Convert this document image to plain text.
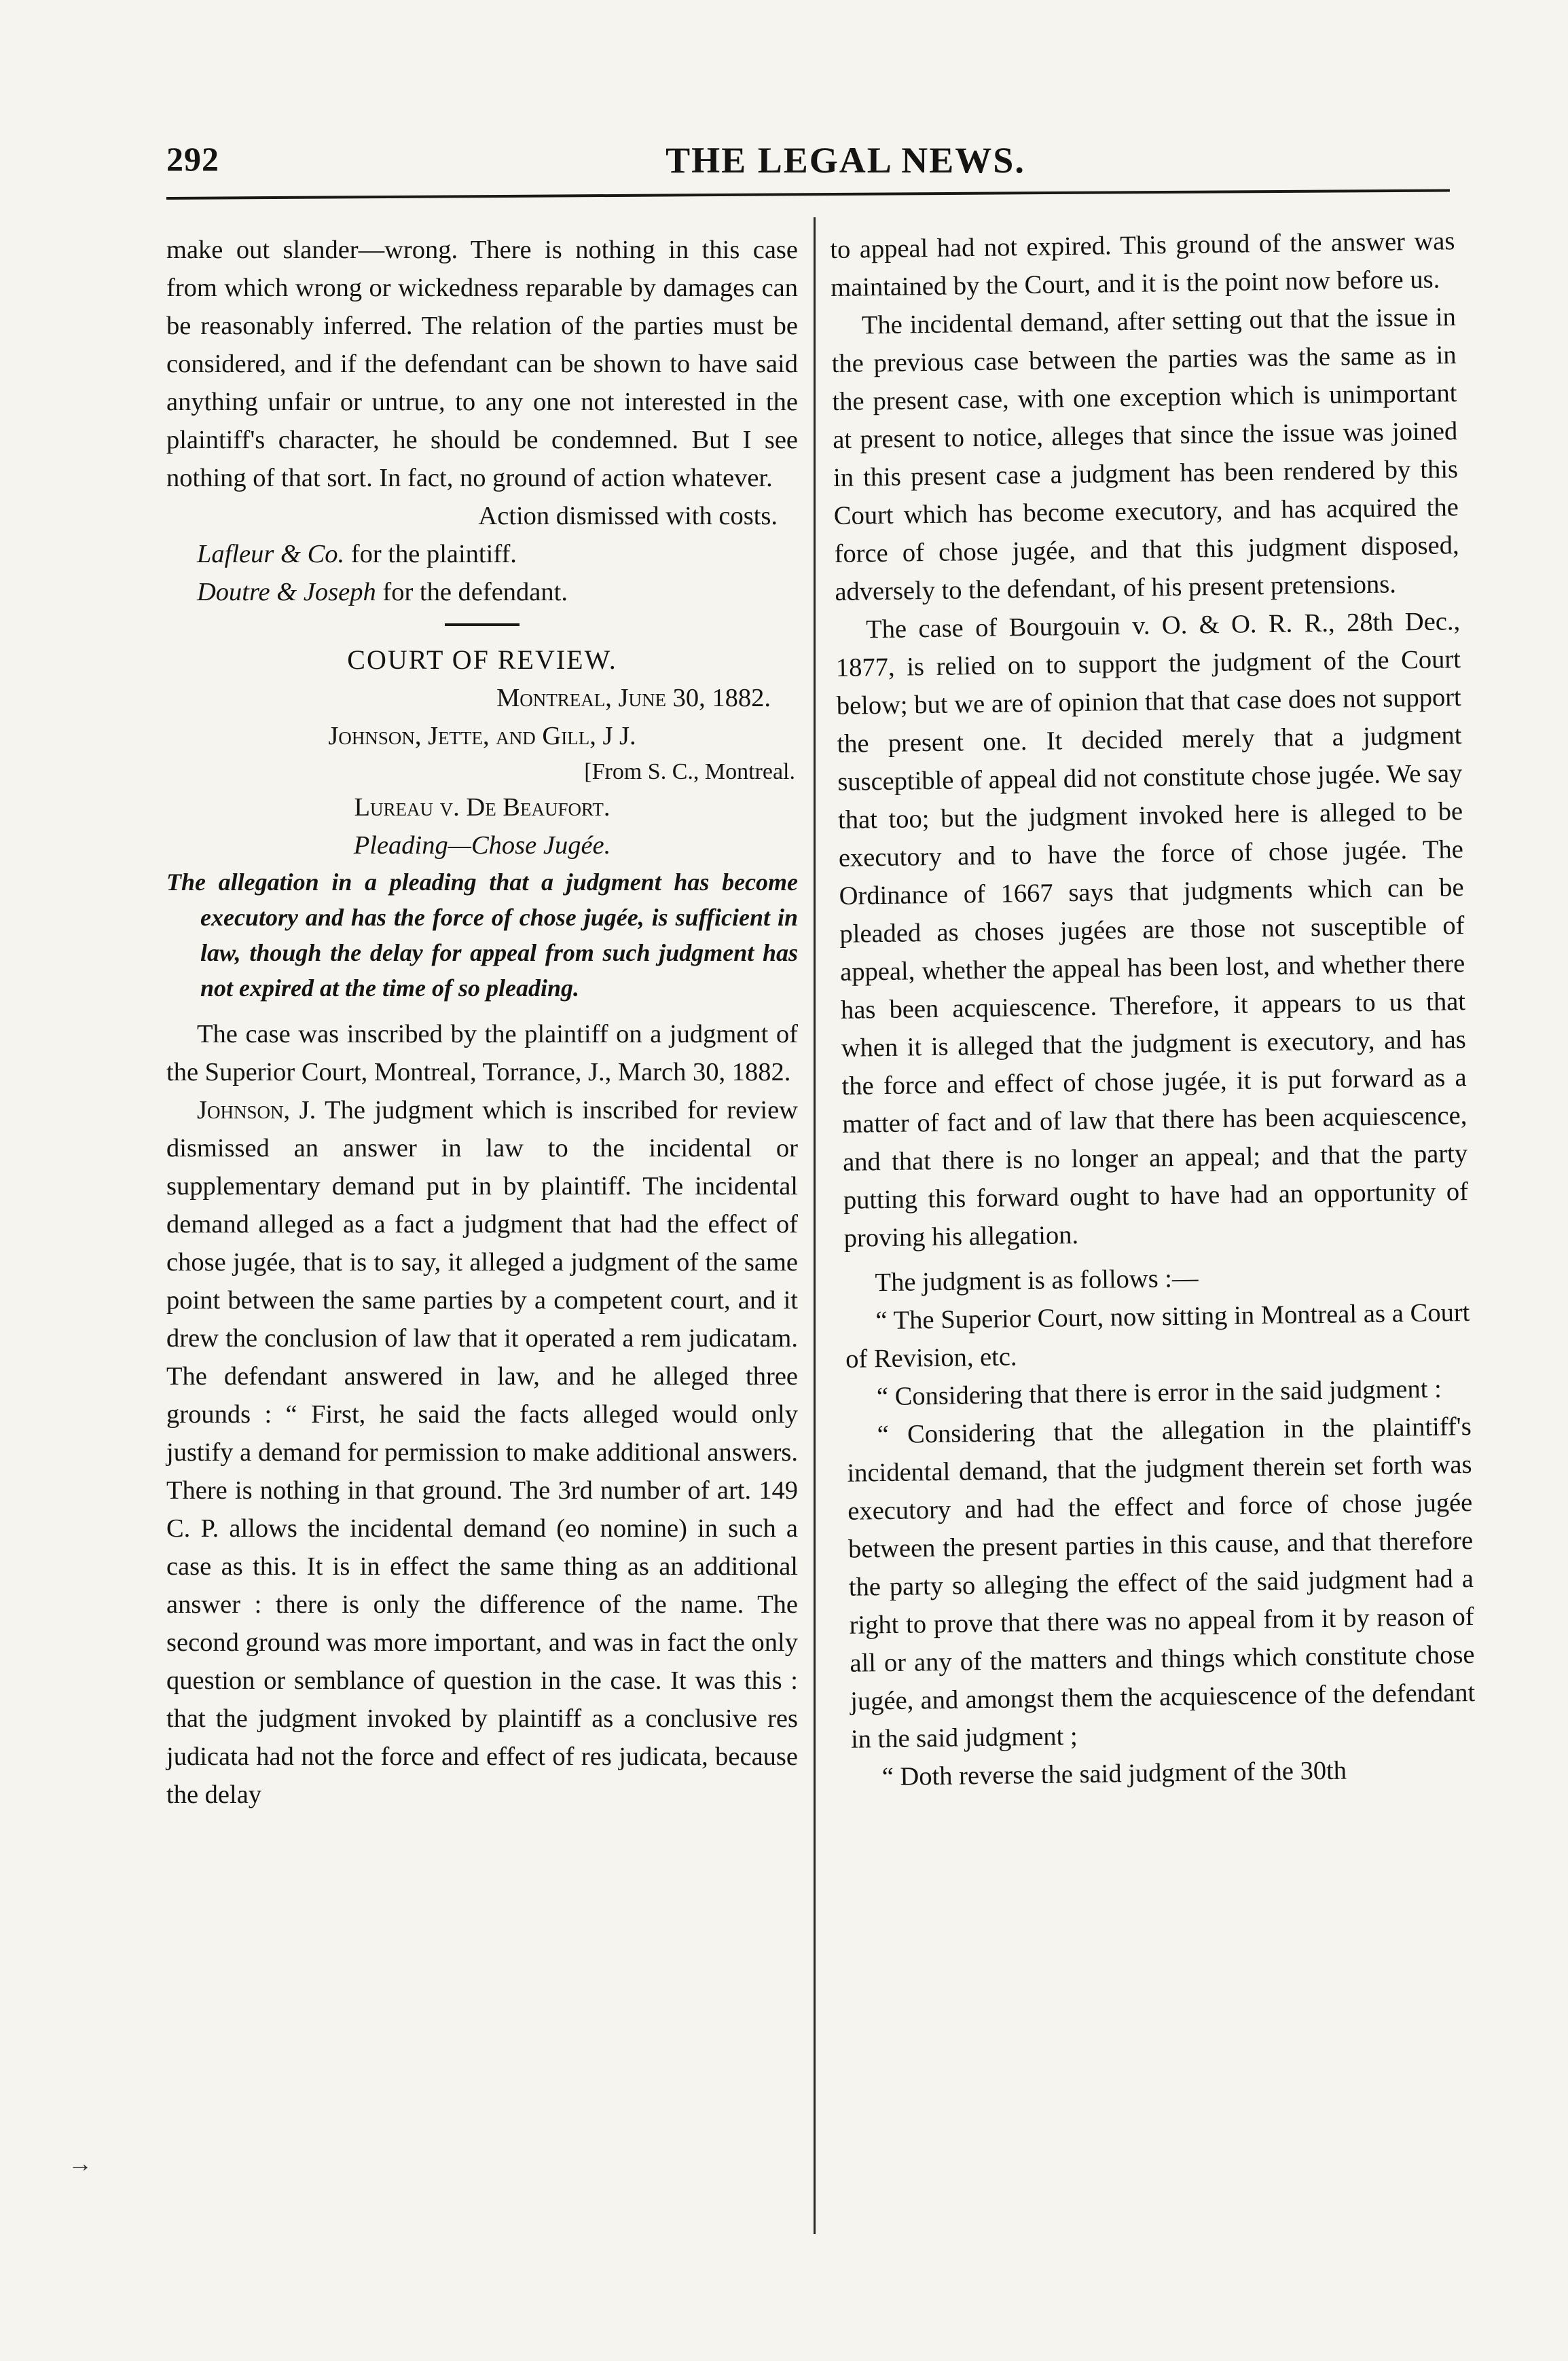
292	THE LEGAL NEWS.

make out slander—wrong. There is nothing in this case from which wrong or wickedness reparable by damages can be reasonably inferred. The relation of the parties must be considered, and if the defendant can be shown to have said anything unfair or untrue, to any one not interested in the plaintiff's character, he should be condemned. But I see nothing of that sort. In fact, no ground of action whatever.

Action dismissed with costs.

Lafleur & Co. for the plaintiff.

Doutre & Joseph for the defendant.

COURT OF REVIEW.

Montreal, June 30, 1882.

Johnson, Jette, and Gill, J J.

[From S. C., Montreal.

Lureau v. De Beaufort.

Pleading—Chose Jugée.

The allegation in a pleading that a judgment has become executory and has the force of chose jugée, is sufficient in law, though the delay for appeal from such judgment has not expired at the time of so pleading.

The case was inscribed by the plaintiff on a judgment of the Superior Court, Montreal, Torrance, J., March 30, 1882.

Johnson, J. The judgment which is inscribed for review dismissed an answer in law to the incidental or supplementary demand put in by plaintiff. The incidental demand alleged as a fact a judgment that had the effect of chose jugée, that is to say, it alleged a judgment of the same point between the same parties by a competent court, and it drew the conclusion of law that it operated a rem judicatam. The defendant answered in law, and he alleged three grounds : “ First, he said the facts alleged would only justify a demand for permission to make additional answers. There is nothing in that ground. The 3rd number of art. 149 C. P. allows the incidental demand (eo nomine) in such a case as this. It is in effect the same thing as an additional answer : there is only the difference of the name. The second ground was more important, and was in fact the only question or semblance of question in the case. It was this : that the judgment invoked by plaintiff as a conclusive res judicata had not the force and effect of res judicata, because the delay

to appeal had not expired. This ground of the answer was maintained by the Court, and it is the point now before us.

The incidental demand, after setting out that the issue in the previous case between the parties was the same as in the present case, with one exception which is unimportant at present to notice, alleges that since the issue was joined in this present case a judgment has been rendered by this Court which has become executory, and has acquired the force of chose jugée, and that this judgment disposed, adversely to the defendant, of his present pretensions.

The case of Bourgouin v. O. & O. R. R., 28th Dec., 1877, is relied on to support the judgment of the Court below; but we are of opinion that that case does not support the present one. It decided merely that a judgment susceptible of appeal did not constitute chose jugée. We say that too; but the judgment invoked here is alleged to be executory and to have the force of chose jugée. The Ordinance of 1667 says that judgments which can be pleaded as choses jugées are those not susceptible of appeal, whether the appeal has been lost, and whether there has been acquiescence. Therefore, it appears to us that when it is alleged that the judgment is executory, and has the force and effect of chose jugée, it is put forward as a matter of fact and of law that there has been acquiescence, and that there is no longer an appeal; and that the party putting this forward ought to have had an opportunity of proving his allegation.

The judgment is as follows :—

“ The Superior Court, now sitting in Montreal as a Court of Revision, etc.

“ Considering that there is error in the said judgment :

“ Considering that the allegation in the plaintiff's incidental demand, that the judgment therein set forth was executory and had the effect and force of chose jugée between the present parties in this cause, and that therefore the party so alleging the effect of the said judgment had a right to prove that there was no appeal from it by reason of all or any of the matters and things which constitute chose jugée, and amongst them the acquiescence of the defendant in the said judgment ;

“ Doth reverse the said judgment of the 30th

→
